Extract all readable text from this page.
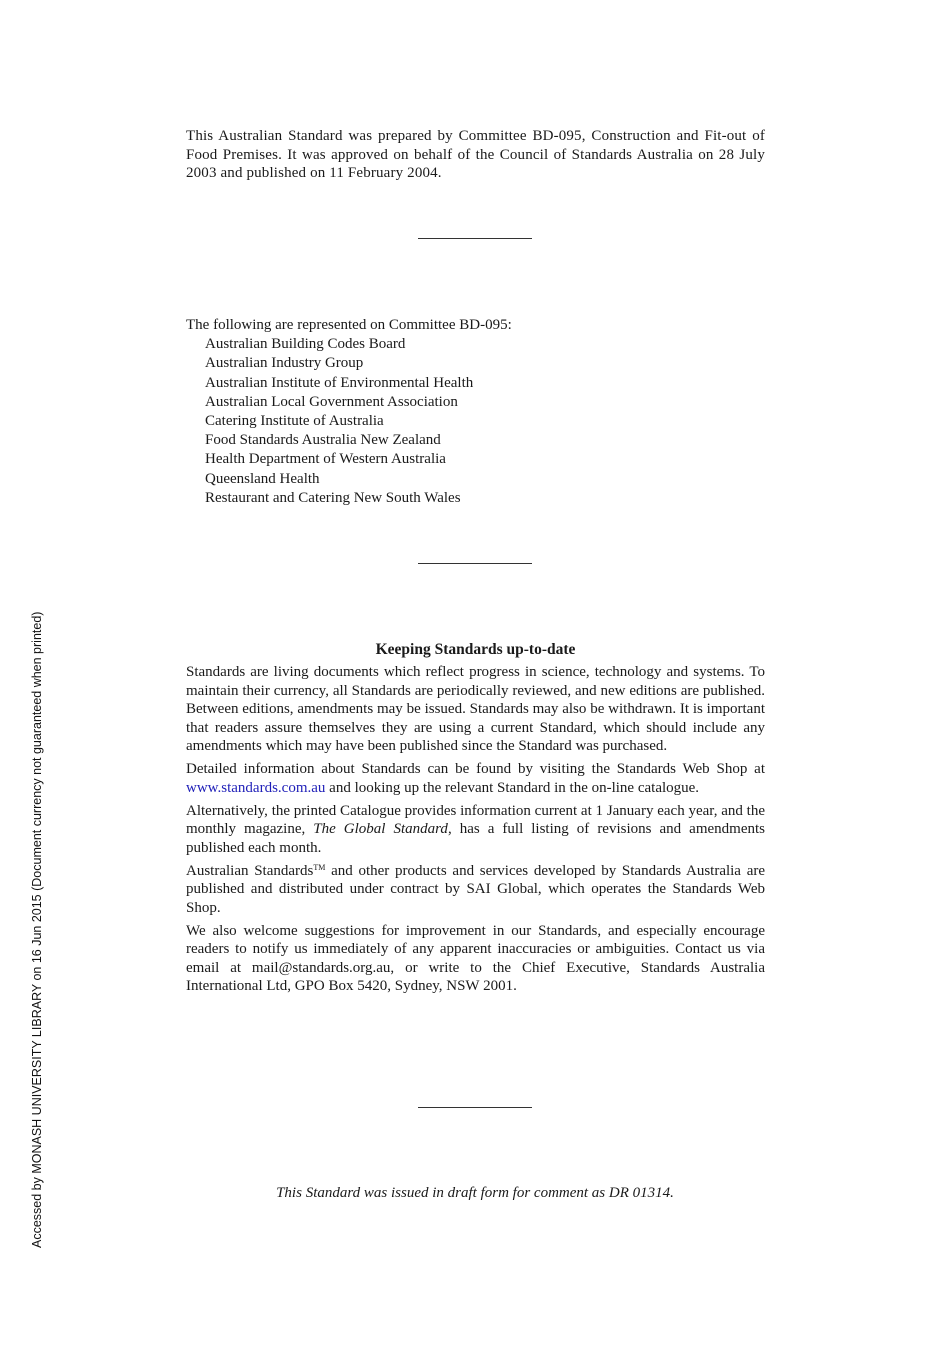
This Australian Standard was prepared by Committee BD-095, Construction and Fit-out of Food Premises. It was approved on behalf of the Council of Standards Australia on 28 July 2003 and published on 11 February 2004.
The following are represented on Committee BD-095:
Australian Building Codes Board
Australian Industry Group
Australian Institute of Environmental Health
Australian Local Government Association
Catering Institute of Australia
Food Standards Australia New Zealand
Health Department of Western Australia
Queensland Health
Restaurant and Catering New South Wales
Keeping Standards up-to-date

Standards are living documents which reflect progress in science, technology and systems. To maintain their currency, all Standards are periodically reviewed, and new editions are published. Between editions, amendments may be issued. Standards may also be withdrawn. It is important that readers assure themselves they are using a current Standard, which should include any amendments which may have been published since the Standard was purchased.

Detailed information about Standards can be found by visiting the Standards Web Shop at www.standards.com.au and looking up the relevant Standard in the on-line catalogue.

Alternatively, the printed Catalogue provides information current at 1 January each year, and the monthly magazine, The Global Standard, has a full listing of revisions and amendments published each month.

Australian Standards™ and other products and services developed by Standards Australia are published and distributed under contract by SAI Global, which operates the Standards Web Shop.

We also welcome suggestions for improvement in our Standards, and especially encourage readers to notify us immediately of any apparent inaccuracies or ambiguities. Contact us via email at mail@standards.org.au, or write to the Chief Executive, Standards Australia International Ltd, GPO Box 5420, Sydney, NSW 2001.

This Standard was issued in draft form for comment as DR 01314.
Accessed by MONASH UNIVERSITY LIBRARY on 16 Jun 2015 (Document currency not guaranteed when printed)
